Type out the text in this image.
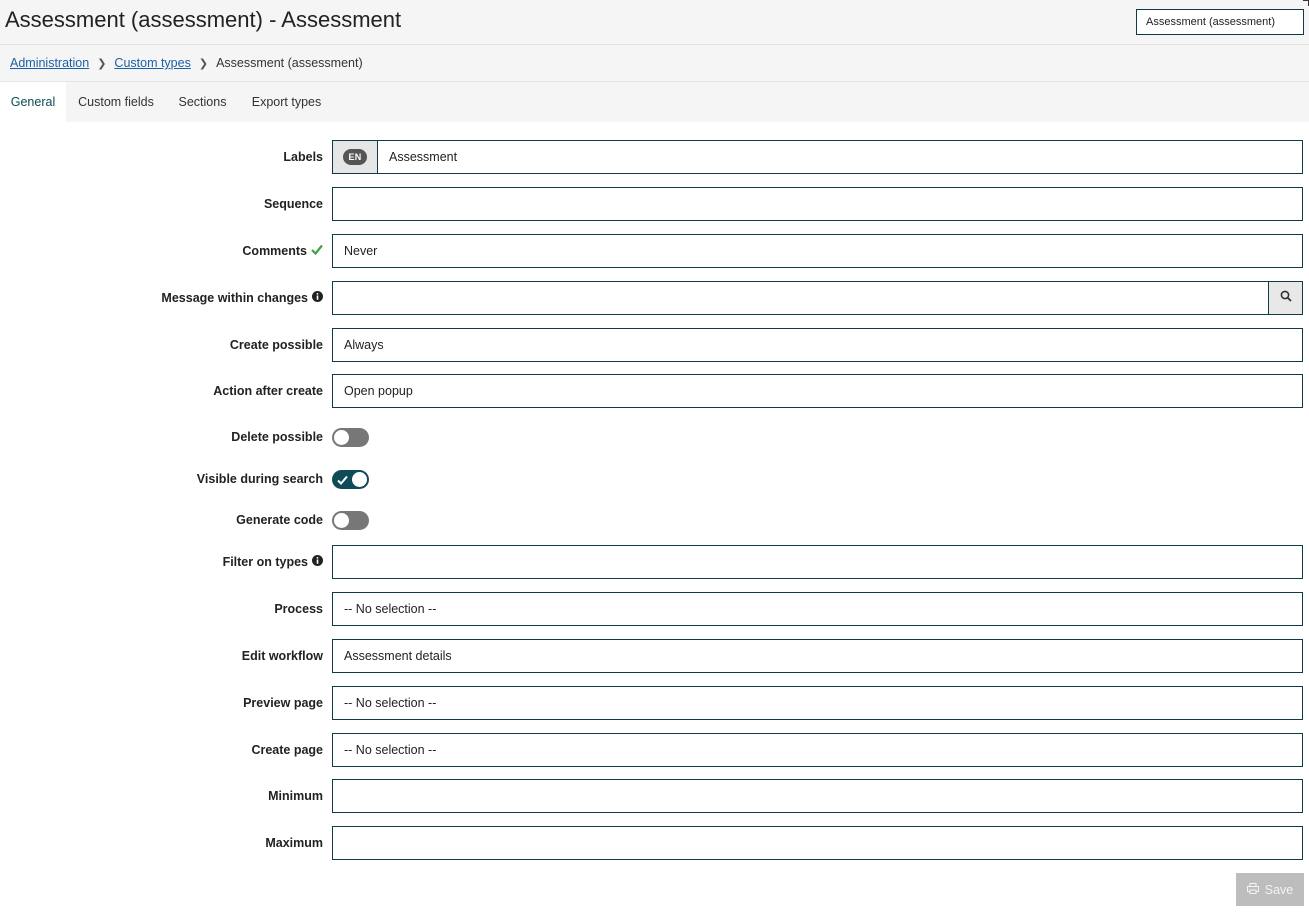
Assessment (assessment) - Assessment	Assessment (assessment)
Administration ❯ Custom types ❯ Assessment (assessment)
General	Custom fields	Sections	Export types
Labels	EN	Assessment
Sequence
Comments	Never
Message within changes
Create possible	Always
Action after create	Open popup
Delete possible
Visible during search
Generate code
Filter on types
Process	-- No selection --
Edit workflow	Assessment details
Preview page	-- No selection --
Create page	-- No selection --
Minimum
Maximum
Save
